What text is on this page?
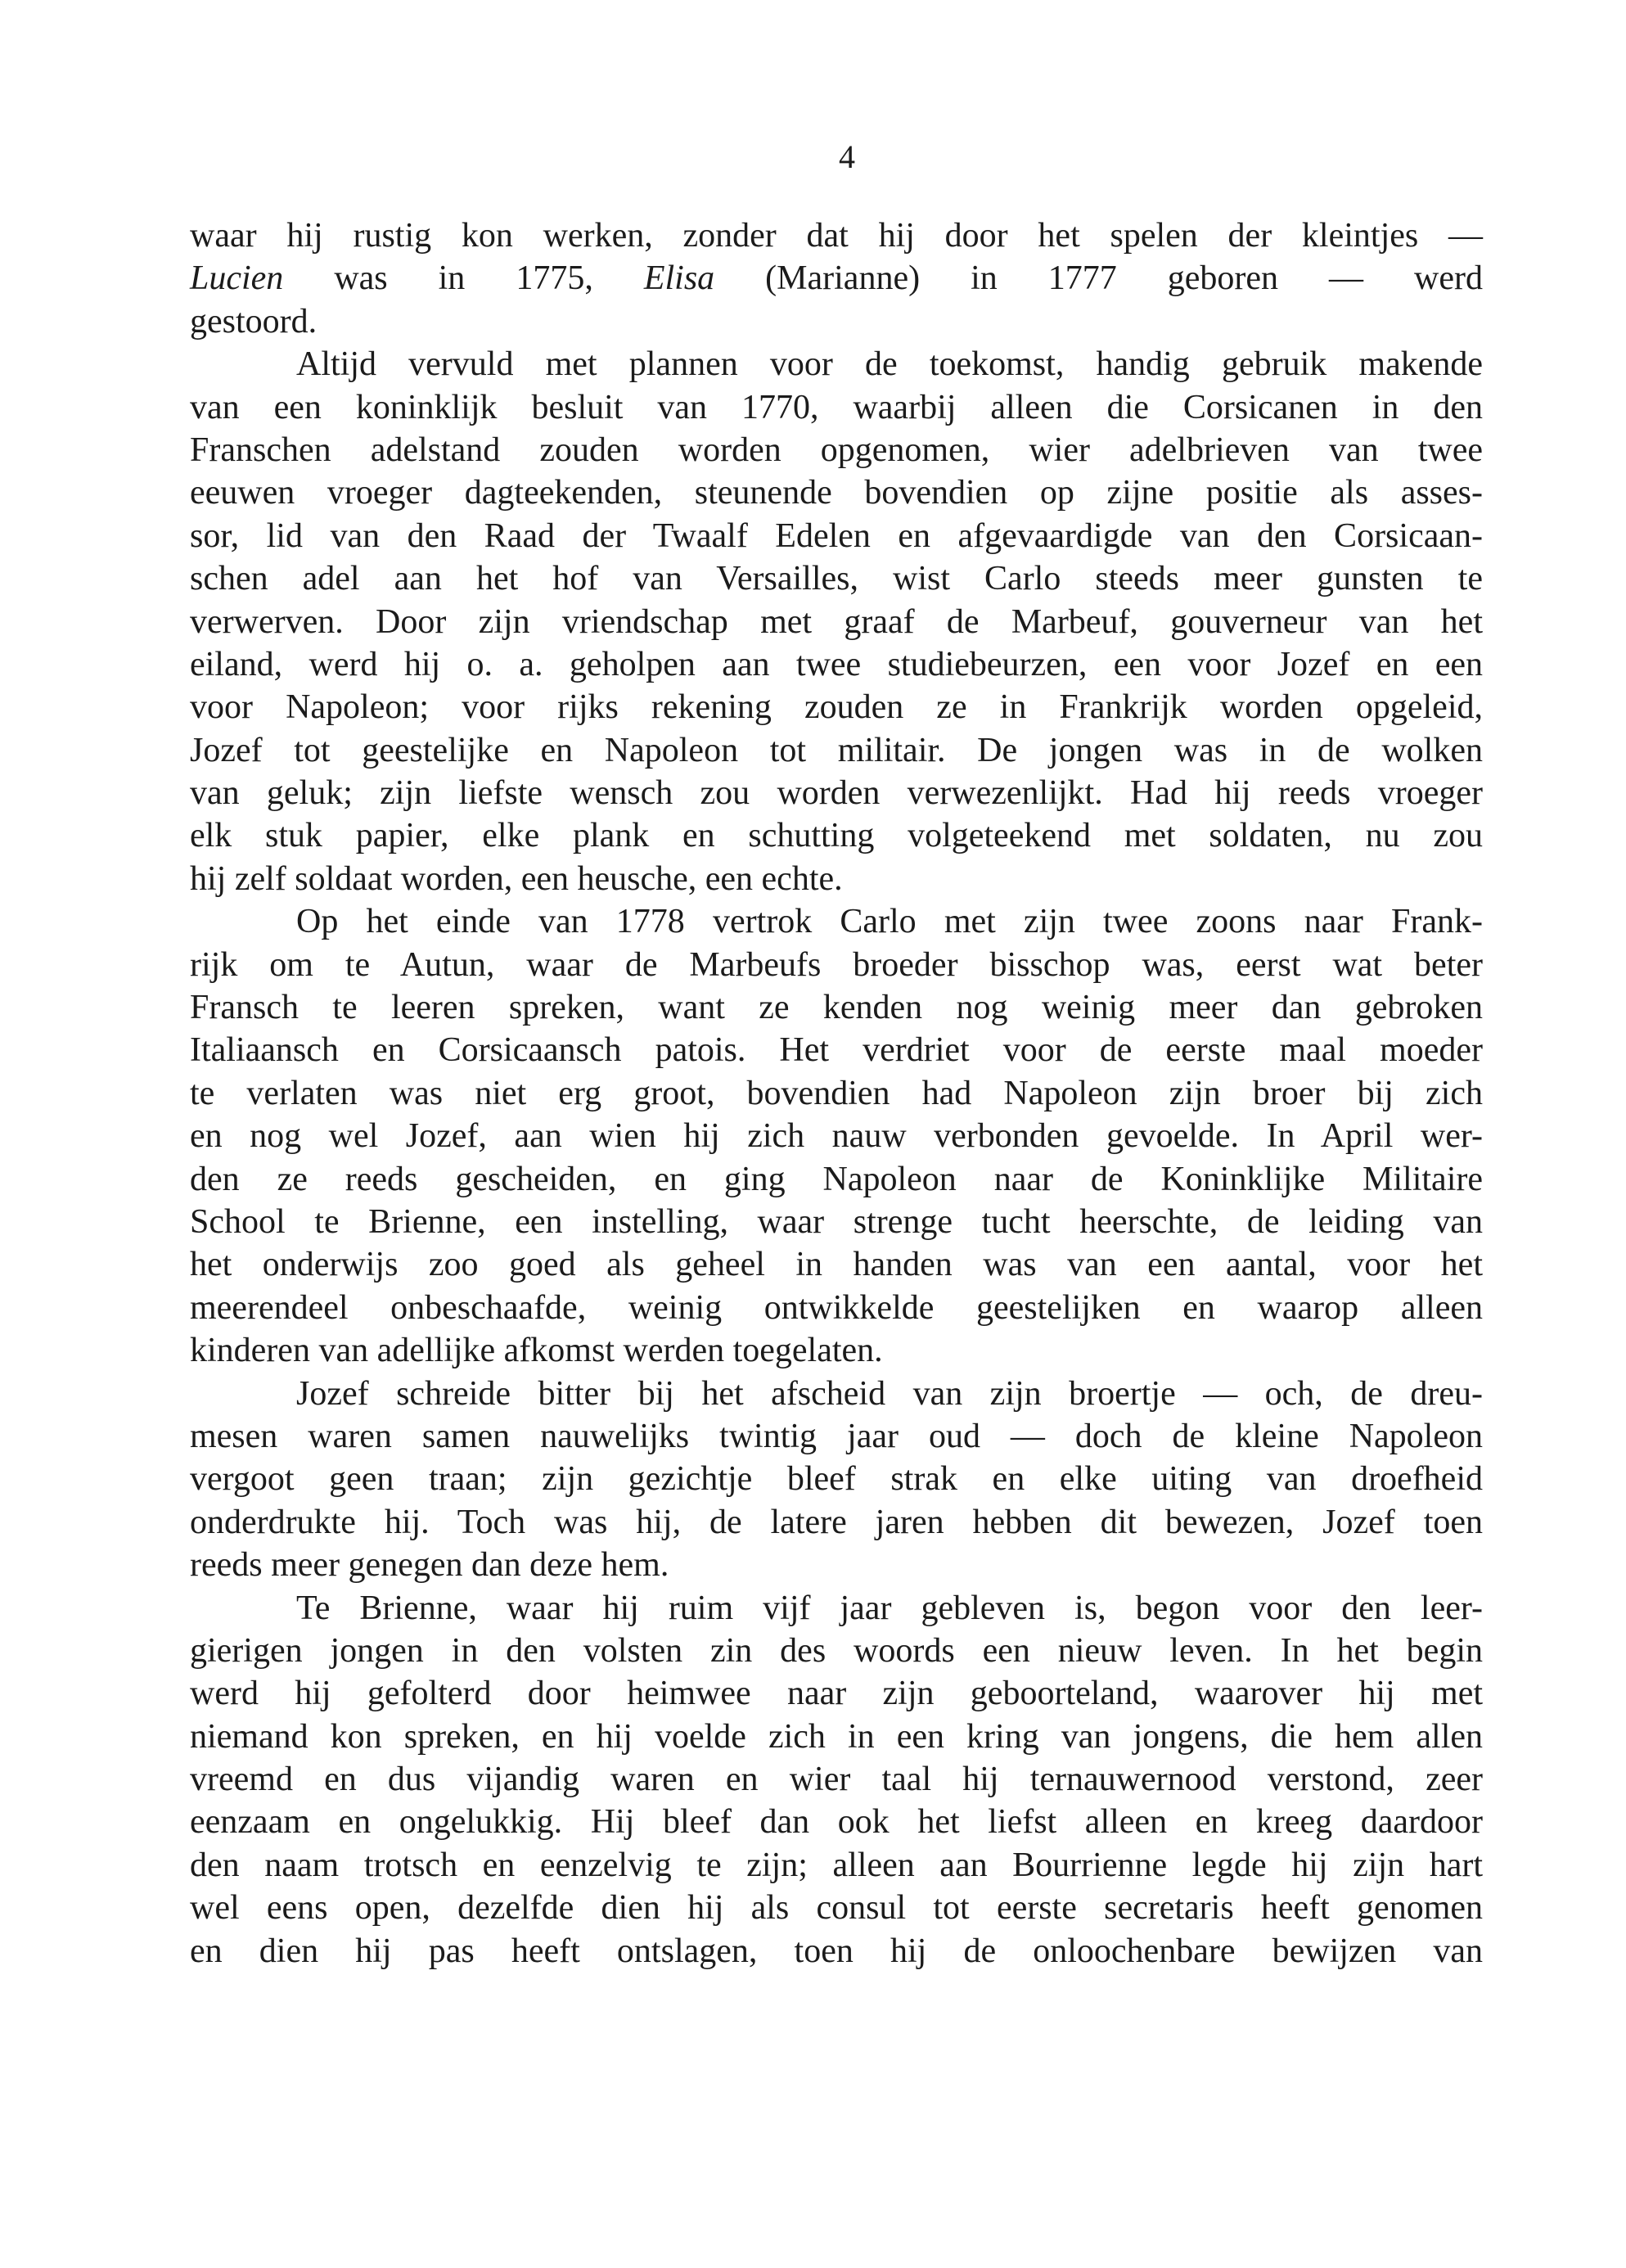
4
waar hij rustig kon werken, zonder dat hij door het spelen der kleintjes —
Lucien was in 1775, Elisa (Marianne) in 1777 geboren — werd
gestoord.
Altijd vervuld met plannen voor de toekomst, handig gebruik makende
van een koninklijk besluit van 1770, waarbij alleen die Corsicanen in den
Franschen adelstand zouden worden opgenomen, wier adelbrieven van twee
eeuwen vroeger dagteekenden, steunende bovendien op zijne positie als asses-
sor, lid van den Raad der Twaalf Edelen en afgevaardigde van den Corsicaan-
schen adel aan het hof van Versailles, wist Carlo steeds meer gunsten te
verwerven. Door zijn vriendschap met graaf de Marbeuf, gouverneur van het
eiland, werd hij o. a. geholpen aan twee studiebeurzen, een voor Jozef en een
voor Napoleon; voor rijks rekening zouden ze in Frankrijk worden opgeleid,
Jozef tot geestelijke en Napoleon tot militair. De jongen was in de wolken
van geluk; zijn liefste wensch zou worden verwezenlijkt. Had hij reeds vroeger
elk stuk papier, elke plank en schutting volgeteekend met soldaten, nu zou
hij zelf soldaat worden, een heusche, een echte.
Op het einde van 1778 vertrok Carlo met zijn twee zoons naar Frank-
rijk om te Autun, waar de Marbeufs broeder bisschop was, eerst wat beter
Fransch te leeren spreken, want ze kenden nog weinig meer dan gebroken
Italiaansch en Corsicaansch patois. Het verdriet voor de eerste maal moeder
te verlaten was niet erg groot, bovendien had Napoleon zijn broer bij zich
en nog wel Jozef, aan wien hij zich nauw verbonden gevoelde. In April wer-
den ze reeds gescheiden, en ging Napoleon naar de Koninklijke Militaire
School te Brienne, een instelling, waar strenge tucht heerschte, de leiding van
het onderwijs zoo goed als geheel in handen was van een aantal, voor het
meerendeel onbeschaafde, weinig ontwikkelde geestelijken en waarop alleen
kinderen van adellijke afkomst werden toegelaten.
Jozef schreide bitter bij het afscheid van zijn broertje — och, de dreu-
mesen waren samen nauwelijks twintig jaar oud — doch de kleine Napoleon
vergoot geen traan; zijn gezichtje bleef strak en elke uiting van droefheid
onderdrukte hij. Toch was hij, de latere jaren hebben dit bewezen, Jozef toen
reeds meer genegen dan deze hem.
Te Brienne, waar hij ruim vijf jaar gebleven is, begon voor den leer-
gierigen jongen in den volsten zin des woords een nieuw leven. In het begin
werd hij gefolterd door heimwee naar zijn geboorteland, waarover hij met
niemand kon spreken, en hij voelde zich in een kring van jongens, die hem allen
vreemd en dus vijandig waren en wier taal hij ternauwernood verstond, zeer
eenzaam en ongelukkig. Hij bleef dan ook het liefst alleen en kreeg daardoor
den naam trotsch en eenzelvig te zijn; alleen aan Bourrienne legde hij zijn hart
wel eens open, dezelfde dien hij als consul tot eerste secretaris heeft genomen
en dien hij pas heeft ontslagen, toen hij de onloochenbare bewijzen van
